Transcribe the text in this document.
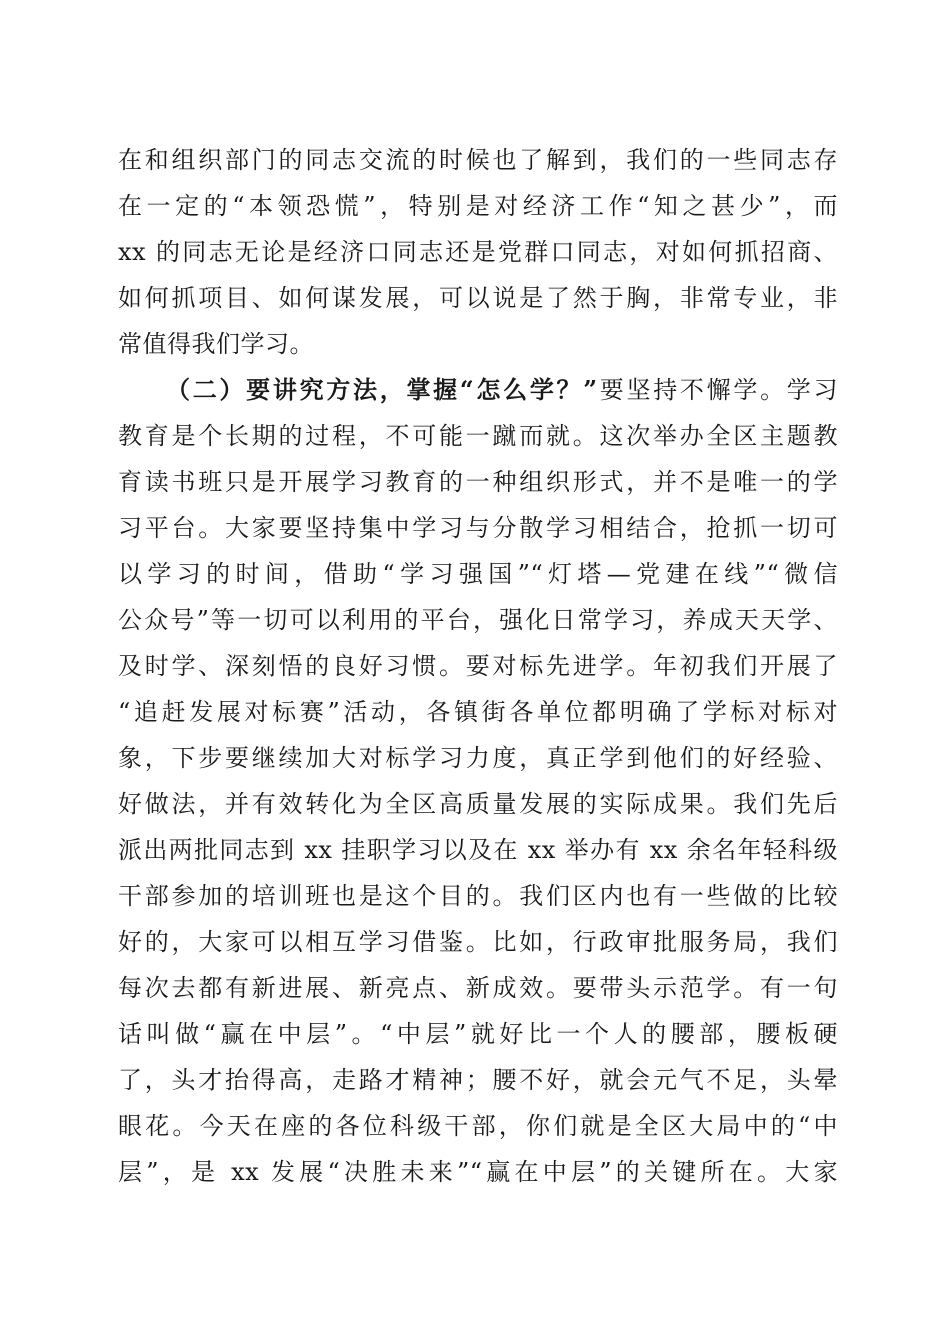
在和组织部门的同志交流的时候也了解到，我们的一些同志存

在一定的“本领恐慌”，特别是对经济工作“知之甚少”，而

xx 的同志无论是经济口同志还是党群口同志，对如何抓招商、

如何抓项目、如何谋发展，可以说是了然于胸，非常专业，非

常值得我们学习。

（二）要讲究方法，掌握“怎么学？”要坚持不懈学。学习

教育是个长期的过程，不可能一蹴而就。这次举办全区主题教

育读书班只是开展学习教育的一种组织形式，并不是唯一的学

习平台。大家要坚持集中学习与分散学习相结合，抢抓一切可

以学习的时间，借助“学习强国”“灯塔—党建在线”“微信

公众号”等一切可以利用的平台，强化日常学习，养成天天学、

及时学、深刻悟的良好习惯。要对标先进学。年初我们开展了

“追赶发展对标赛”活动，各镇街各单位都明确了学标对标对

象，下步要继续加大对标学习力度，真正学到他们的好经验、

好做法，并有效转化为全区高质量发展的实际成果。我们先后

派出两批同志到 xx 挂职学习以及在 xx 举办有 xx 余名年轻科级

干部参加的培训班也是这个目的。我们区内也有一些做的比较

好的，大家可以相互学习借鉴。比如，行政审批服务局，我们

每次去都有新进展、新亮点、新成效。要带头示范学。有一句

话叫做“赢在中层”。“中层”就好比一个人的腰部，腰板硬

了，头才抬得高，走路才精神；腰不好，就会元气不足，头晕

眼花。今天在座的各位科级干部，你们就是全区大局中的“中

层”，是 xx 发展“决胜未来”“赢在中层”的关键所在。大家
